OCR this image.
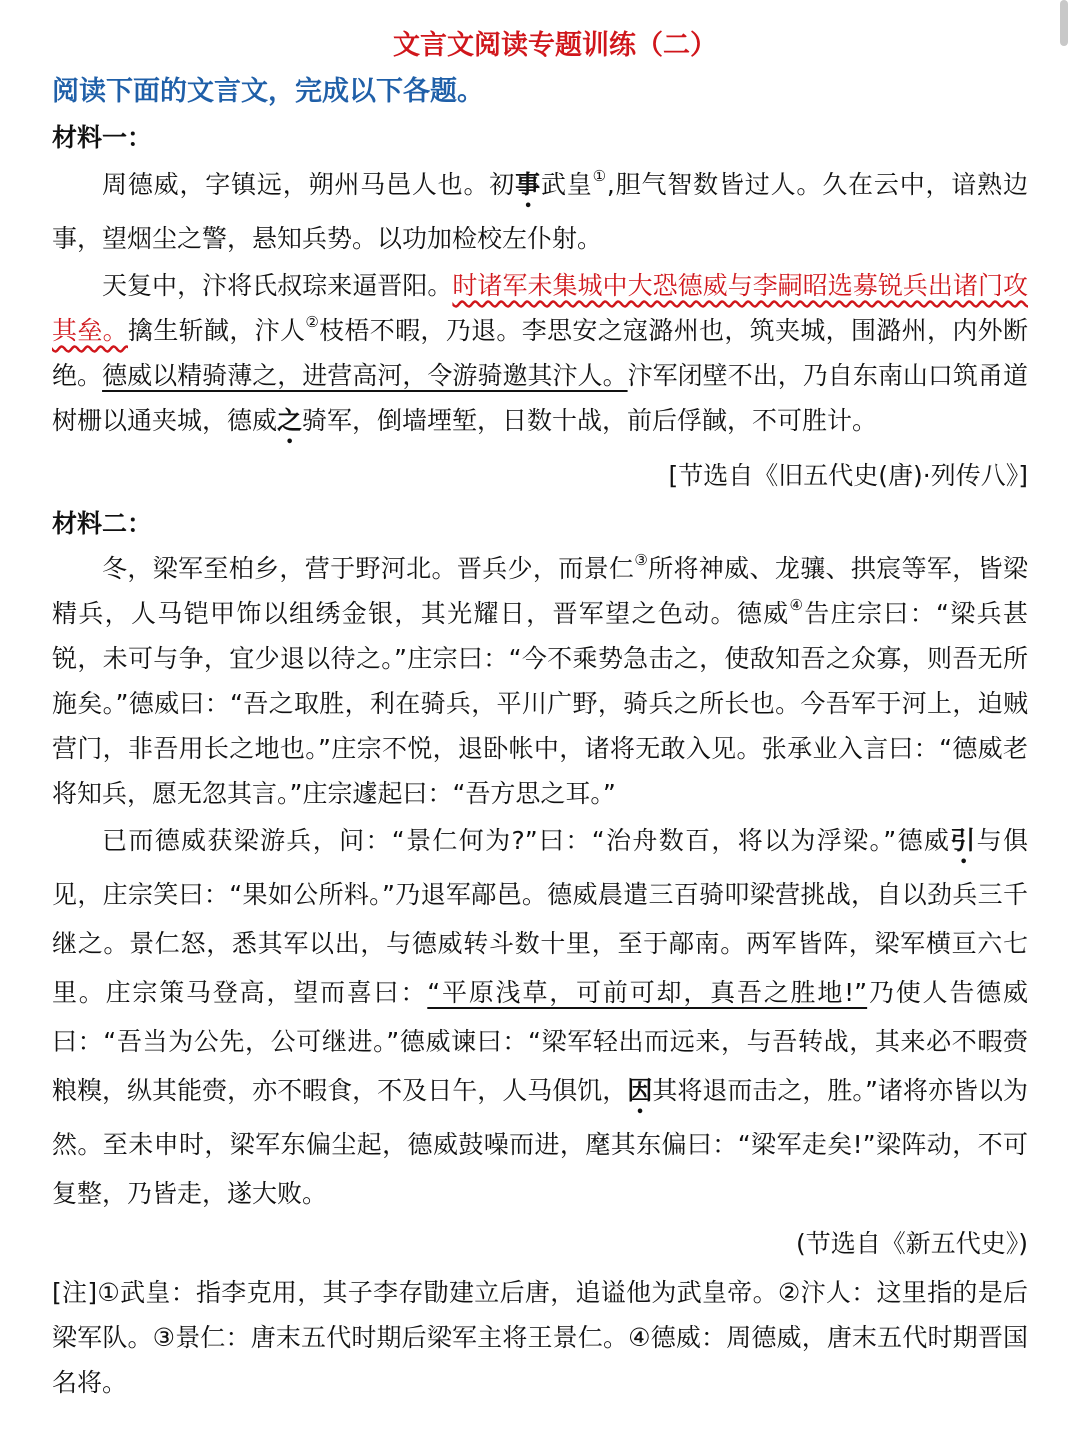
文言文阅读专题训练（二）
阅读下面的文言文，完成以下各题。
材料一：

周德威，字镇远，朔州马邑人也。初事武皇①,胆气智数皆过人。久在云中，谙熟边事，望烟尘之警，悬知兵势。以功加检校左仆射。

天复中，汴将氏叔琮来逼晋阳。时诸军未集城中大恐德威与李嗣昭选募锐兵出诸门攻其垒。擒生斩馘，汴人②枝梧不暇，乃退。李思安之寇潞州也，筑夹城，围潞州，内外断绝。德威以精骑薄之，进营高河，令游骑邀其汴人。汴军闭壁不出，乃自东南山口筑甬道树栅以通夹城，德威之骑军，倒墙堙堑，日数十战，前后俘馘，不可胜计。

[节选自《旧五代史(唐)·列传八》]
材料二：

冬，梁军至柏乡，营于野河北。晋兵少，而景仁③所将神威、龙骧、拱宸等军，皆梁精兵，人马铠甲饰以组绣金银，其光耀日，晋军望之色动。德威④告庄宗曰：“梁兵甚锐，未可与争，宜少退以待之。”庄宗曰：“今不乘势急击之，使敌知吾之众寡，则吾无所施矣。”德威曰：“吾之取胜，利在骑兵，平川广野，骑兵之所长也。今吾军于河上，迫贼营门，非吾用长之地也。”庄宗不悦，退卧帐中，诸将无敢入见。张承业入言曰：“德威老将知兵，愿无忽其言。”庄宗遽起曰：“吾方思之耳。”

已而德威获梁游兵，问：“景仁何为?”曰：“治舟数百，将以为浮梁。”德威引与俱见，庄宗笑曰：“果如公所料。”乃退军鄗邑。德威晨遣三百骑叩梁营挑战，自以劲兵三千继之。景仁怒，悉其军以出，与德威转斗数十里，至于鄗南。两军皆阵，梁军横亘六七里。庄宗策马登高，望而喜曰：“平原浅草，可前可却，真吾之胜地!”乃使人告德威曰：“吾当为公先，公可继进。”德威谏曰：“梁军轻出而远来，与吾转战，其来必不暇赍粮糗，纵其能赍，亦不暇食，不及日午，人马俱饥，因其将退而击之，胜。”诸将亦皆以为然。至未申时，梁军东偏尘起，德威鼓噪而进，麾其东偏曰：“梁军走矣!”梁阵动，不可复整，乃皆走，遂大败。

(节选自《新五代史》)

[注]①武皇：指李克用，其子李存勖建立后唐，追谥他为武皇帝。②汴人：这里指的是后梁军队。③景仁：唐末五代时期后梁军主将王景仁。④德威：周德威，唐末五代时期晋国名将。
